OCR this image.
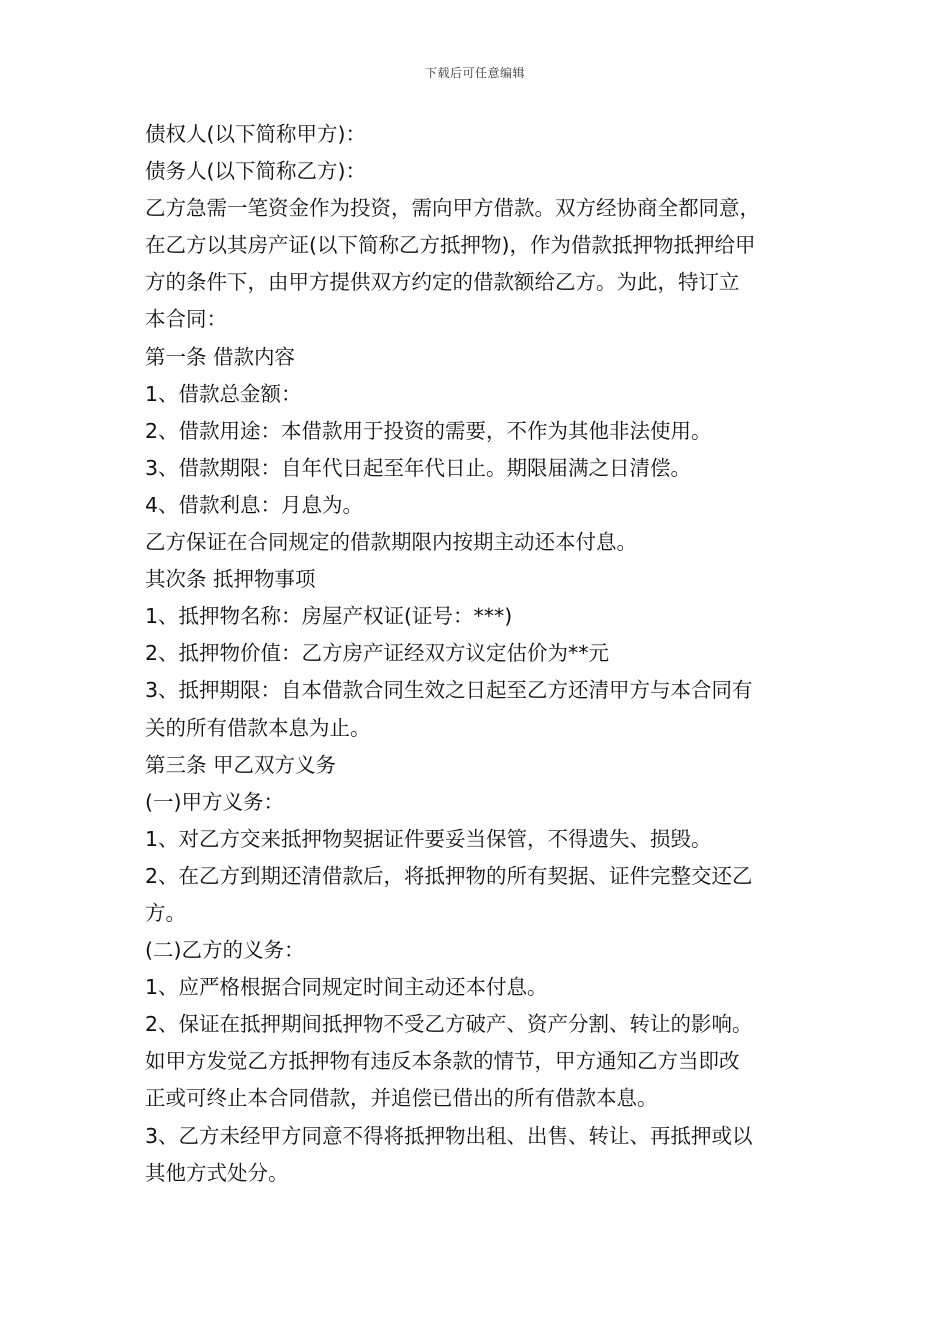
下载后可任意编辑
债权人(以下简称甲方)：
债务人(以下简称乙方)：
乙方急需一笔资金作为投资，需向甲方借款。双方经协商全都同意，
在乙方以其房产证(以下简称乙方抵押物)，作为借款抵押物抵押给甲
方的条件下，由甲方提供双方约定的借款额给乙方。为此，特订立
本合同：
第一条 借款内容
1、借款总金额：
2、借款用途：本借款用于投资的需要，不作为其他非法使用。
3、借款期限：自年代日起至年代日止。期限届满之日清偿。
4、借款利息：月息为。
乙方保证在合同规定的借款期限内按期主动还本付息。
其次条 抵押物事项
1、抵押物名称：房屋产权证(证号：***)
2、抵押物价值：乙方房产证经双方议定估价为**元
3、抵押期限：自本借款合同生效之日起至乙方还清甲方与本合同有
关的所有借款本息为止。
第三条 甲乙双方义务
(一)甲方义务：
1、对乙方交来抵押物契据证件要妥当保管，不得遗失、损毁。
2、在乙方到期还清借款后，将抵押物的所有契据、证件完整交还乙
方。
(二)乙方的义务：
1、应严格根据合同规定时间主动还本付息。
2、保证在抵押期间抵押物不受乙方破产、资产分割、转让的影响。
如甲方发觉乙方抵押物有违反本条款的情节，甲方通知乙方当即改
正或可终止本合同借款，并追偿已借出的所有借款本息。
3、乙方未经甲方同意不得将抵押物出租、出售、转让、再抵押或以
其他方式处分。
